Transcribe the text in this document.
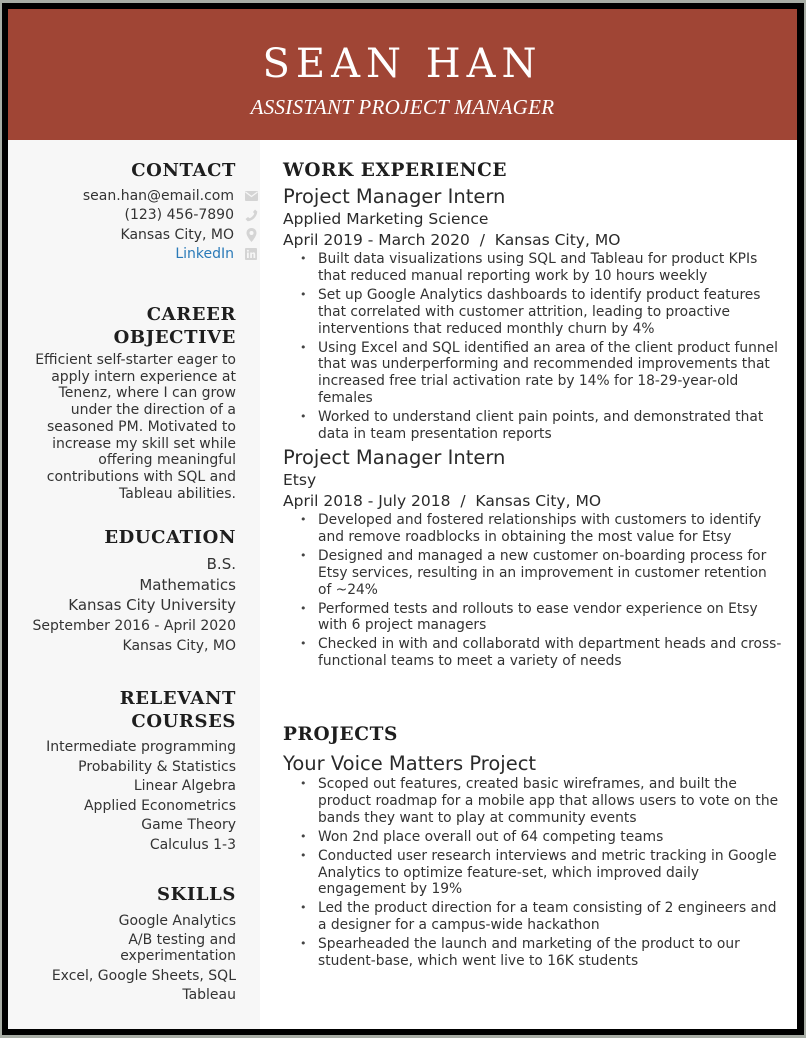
SEAN HAN
ASSISTANT PROJECT MANAGER
CONTACT
sean.han@email.com
(123) 456-7890
Kansas City, MO
LinkedIn
CAREER
OBJECTIVE
Efficient self-starter eager to
apply intern experience at
Tenenz, where I can grow
under the direction of a
seasoned PM. Motivated to
increase my skill set while
offering meaningful
contributions with SQL and
Tableau abilities.
EDUCATION
B.S.
Mathematics
Kansas City University
September 2016 - April 2020
Kansas City, MO
RELEVANT
COURSES
Intermediate programming
Probability & Statistics
Linear Algebra
Applied Econometrics
Game Theory
Calculus 1-3
SKILLS
Google Analytics
A/B testing and
experimentation
Excel, Google Sheets, SQL
Tableau
WORK EXPERIENCE
Project Manager Intern
Applied Marketing Science
April 2019 - March 2020  /  Kansas City, MO
• Built data visualizations using SQL and Tableau for product KPIs that reduced manual reporting work by 10 hours weekly
• Set up Google Analytics dashboards to identify product features that correlated with customer attrition, leading to proactive interventions that reduced monthly churn by 4%
• Using Excel and SQL identified an area of the client product funnel that was underperforming and recommended improvements that increased free trial activation rate by 14% for 18-29-year-old females
• Worked to understand client pain points, and demonstrated that data in team presentation reports
Project Manager Intern
Etsy
April 2018 - July 2018  /  Kansas City, MO
• Developed and fostered relationships with customers to identify and remove roadblocks in obtaining the most value for Etsy
• Designed and managed a new customer on-boarding process for Etsy services, resulting in an improvement in customer retention of ~24%
• Performed tests and rollouts to ease vendor experience on Etsy with 6 project managers
• Checked in with and collaboratd with department heads and cross-functional teams to meet a variety of needs
PROJECTS
Your Voice Matters Project
• Scoped out features, created basic wireframes, and built the product roadmap for a mobile app that allows users to vote on the bands they want to play at community events
• Won 2nd place overall out of 64 competing teams
• Conducted user research interviews and metric tracking in Google Analytics to optimize feature-set, which improved daily engagement by 19%
• Led the product direction for a team consisting of 2 engineers and a designer for a campus-wide hackathon
• Spearheaded the launch and marketing of the product to our student-base, which went live to 16K students
